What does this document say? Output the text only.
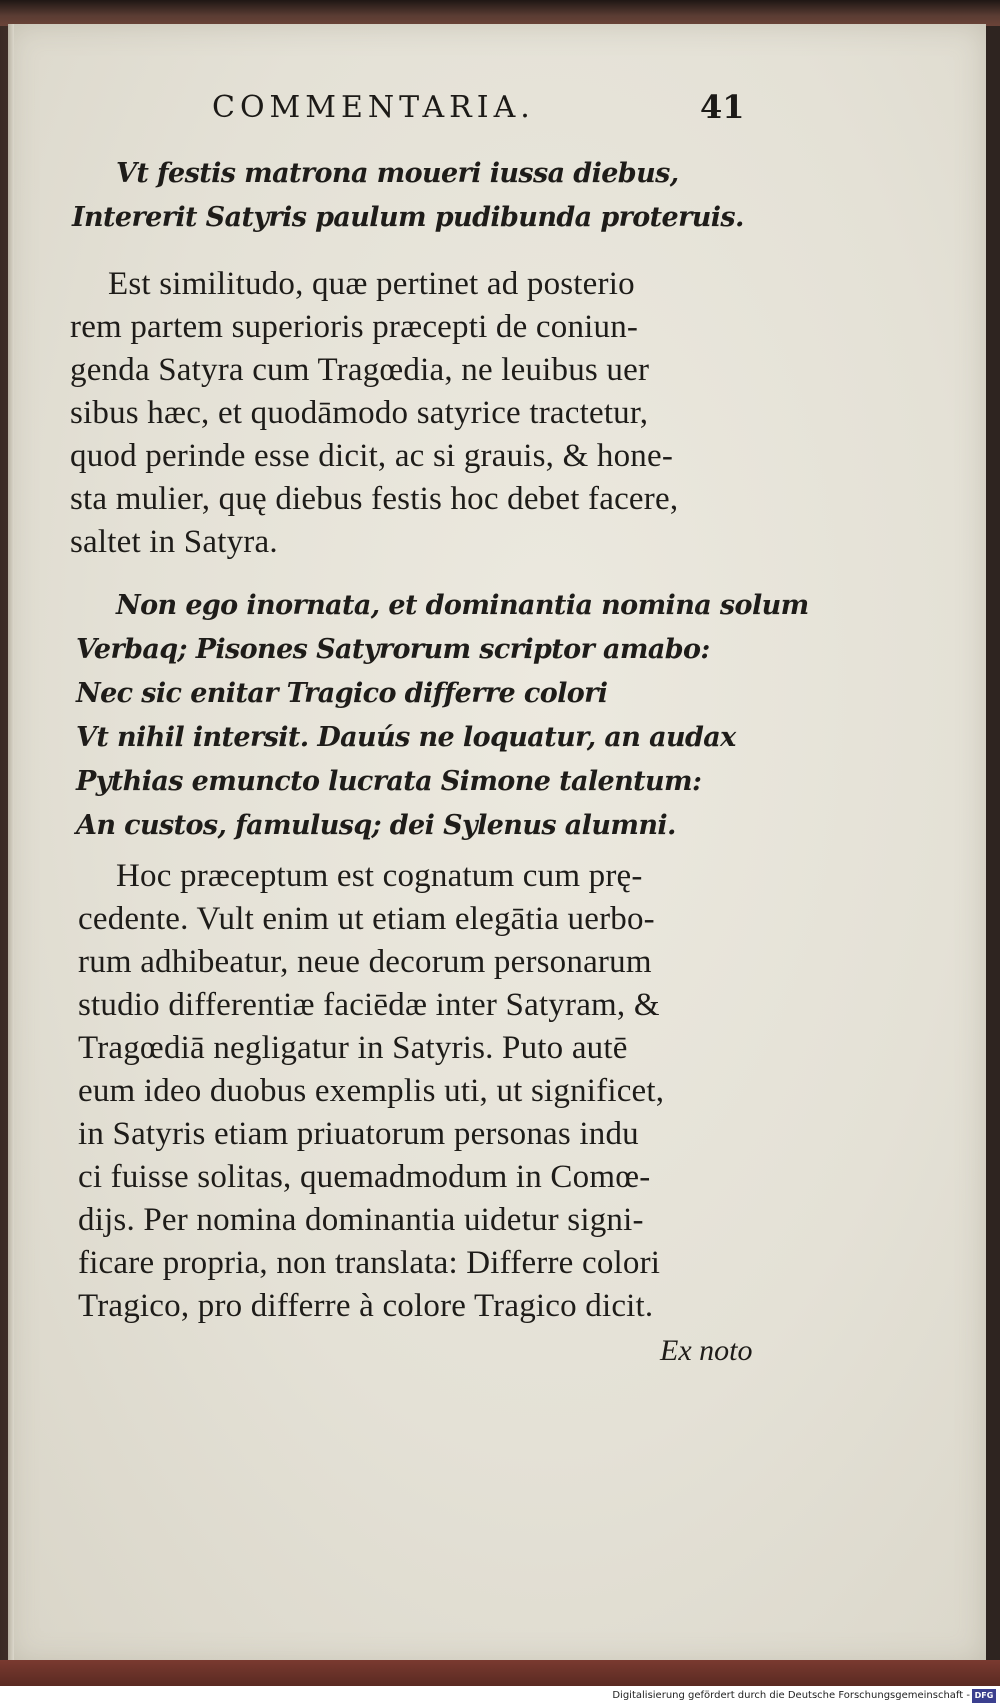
COMMENTARIA.	41
Vt festis matrona moueri iussa diebus,
Intererit Satyris paulum pudibunda proteruis.
Est similitudo, quæ pertinet ad posterio
rem partem superioris præcepti de coniun-
genda Satyra cum Tragœdia, ne leuibus uer
sibus hæc, et quodāmodo satyrice tractetur,
quod perinde esse dicit, ac si grauis, & hone-
sta mulier, quę diebus festis hoc debet facere,
saltet in Satyra.
Non ego inornata, et dominantia nomina solum
Verbaq; Pisones Satyrorum scriptor amabo:
Nec sic enitar Tragico differre colori
Vt nihil intersit. Dauús ne loquatur, an audax
Pythias emuncto lucrata Simone talentum:
An custos, famulusq; dei Sylenus alumni.
Hoc præceptum est cognatum cum prę-
cedente. Vult enim ut etiam elegātia uerbo-
rum adhibeatur, neue decorum personarum
studio differentiæ faciēdæ inter Satyram, &
Tragœdiā negligatur in Satyris. Puto autē
eum ideo duobus exemplis uti, ut significet,
in Satyris etiam priuatorum personas indu
ci fuisse solitas, quemadmodum in Comœ-
dijs. Per nomina dominantia uidetur signi-
ficare propria, non translata: Differre colori
Tragico, pro differre à colore Tragico dicit.
Ex noto
Digitalisierung gefördert durch die Deutsche Forschungsgemeinschaft - DFG
